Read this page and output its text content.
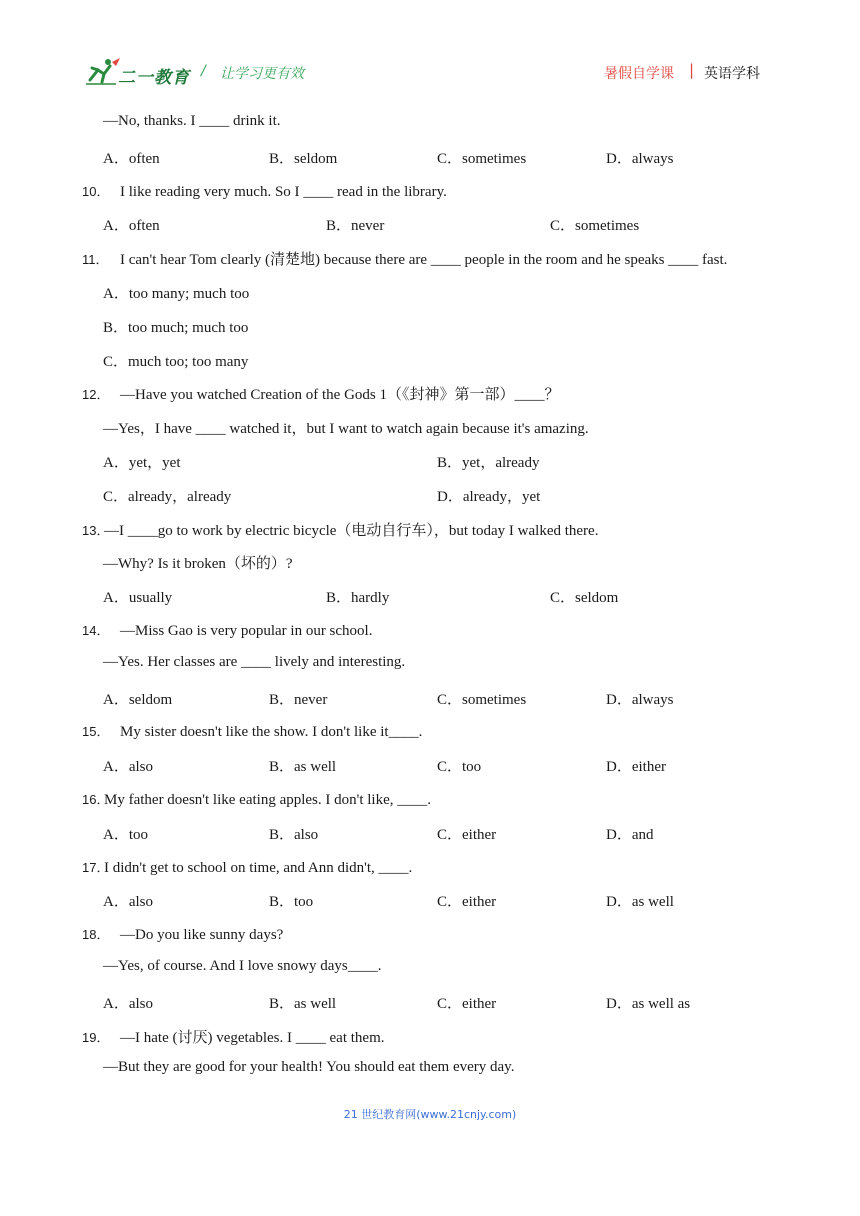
二一教育 / 让学习更有效	暑假自学课 | 英语学科
—No, thanks. I ____ drink it.
A．often	B．seldom	C．sometimes	D．always
10． I like reading very much. So I ____ read in the library.
A．often	B．never	C．sometimes
11． I can't hear Tom clearly (清楚地) because there are ____ people in the room and he speaks ____ fast.
A．too many; much too
B．too much; much too
C．much too; too many
12． —Have you watched Creation of the Gods 1（《封神》第一部）____？
—Yes，I have ____ watched it，but I want to watch again because it's amazing.
A．yet，yet	B．yet，already
C．already，already	D．already，yet
13．—I ____go to work by electric bicycle（电动自行车），but today I walked there.
—Why? Is it broken（坏的）?
A．usually	B．hardly	C．seldom
14． —Miss Gao is very popular in our school.
—Yes. Her classes are ____ lively and interesting.
A．seldom	B．never	C．sometimes	D．always
15． My sister doesn't like the show. I don't like it____.
A．also	B．as well	C．too	D．either
16．My father doesn't like eating apples. I don't like, ____.
A．too	B．also	C．either	D．and
17．I didn't get to school on time, and Ann didn't, ____.
A．also	B．too	C．either	D．as well
18． —Do you like sunny days?
—Yes, of course. And I love snowy days____.
A．also	B．as well	C．either	D．as well as
19． —I hate (讨厌) vegetables. I ____ eat them.
—But they are good for your health! You should eat them every day.
21 世纪教育网(www.21cnjy.com)
